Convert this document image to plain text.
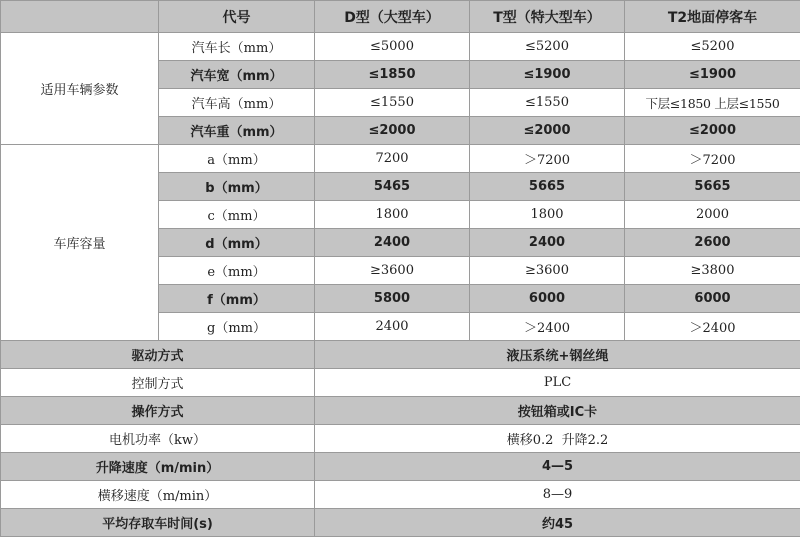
	代号	D型（大型车）	T型（特大型车）	T2地面停客车
适用车辆参数	汽车长（mm）	≤5000	≤5200	≤5200
	汽车宽（mm）	≤1850	≤1900	≤1900
	汽车高（mm）	≤1550	≤1550	下层≤1850 上层≤1550
	汽车重（mm）	≤2000	≤2000	≤2000
车库容量	a（mm）	7200	＞7200	＞7200
	b（mm）	5465	5665	5665
	c（mm）	1800	1800	2000
	d（mm）	2400	2400	2600
	e（mm）	≥3600	≥3600	≥3800
	f（mm）	5800	6000	6000
	g（mm）	2400	＞2400	＞2400
驱动方式		液压系统+钢丝绳		
控制方式		PLC		
操作方式		按钮箱或IC卡		
电机功率（kw）		横移0.2  升降2.2		
升降速度（m/min）		4—5		
横移速度（m/min）		8—9		
平均存取车时间(s)		约45		
